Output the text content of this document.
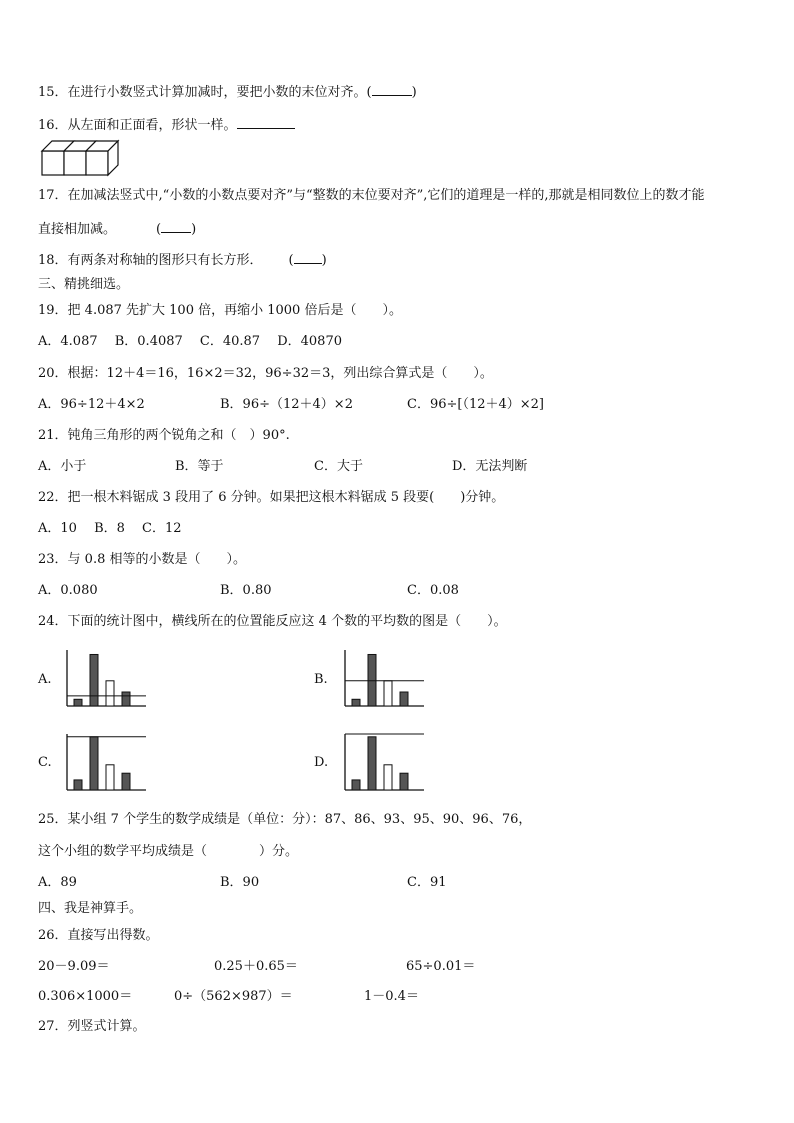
15．在进行小数竖式计算加减时，要把小数的末位对齐。(	)
16．从左面和正面看，形状一样。
17．在加减法竖式中,“小数的小数点要对齐”与“整数的末位要对齐”,它们的道理是一样的,那就是相同数位上的数才能
直接相加减。	( )
18．有两条对称轴的图形只有长方形． ( )
三、精挑细选。
19．把 4.087 先扩大 100 倍，再缩小 1000 倍后是（　　）。
A．4.087　 B．0.4087　 C．40.87　 D．40870
20．根据：12＋4＝16，16×2＝32，96÷32＝3，列出综合算式是（　　）。
A．96÷12＋4×2	B．96÷（12＋4）×2	C．96÷[（12＋4）×2]
21．钝角三角形的两个锐角之和（　）90°.
A．小于	B．等于	C．大于	D．无法判断
22．把一根木料锯成 3 段用了 6 分钟。如果把这根木料锯成 5 段要(　　)分钟。
A．10　 B．8　 C．12
23．与 0.8 相等的小数是（　　）。
A．0.080	B．0.80	C．0.08
24．下面的统计图中，横线所在的位置能反应这 4 个数的平均数的图是（　　）。
A.	B.
C.	D.
25．某小组 7 个学生的数学成绩是（单位：分）：87、86、93、95、90、96、76，
这个小组的数学平均成绩是（　　　　）分。
A．89	B．90	C．91
四、我是神算手。
26．直接写出得数。
20－9.09＝	0.25＋0.65＝	65÷0.01＝
0.306×1000＝	0÷（562×987）＝	1－0.4＝
27．列竖式计算。
